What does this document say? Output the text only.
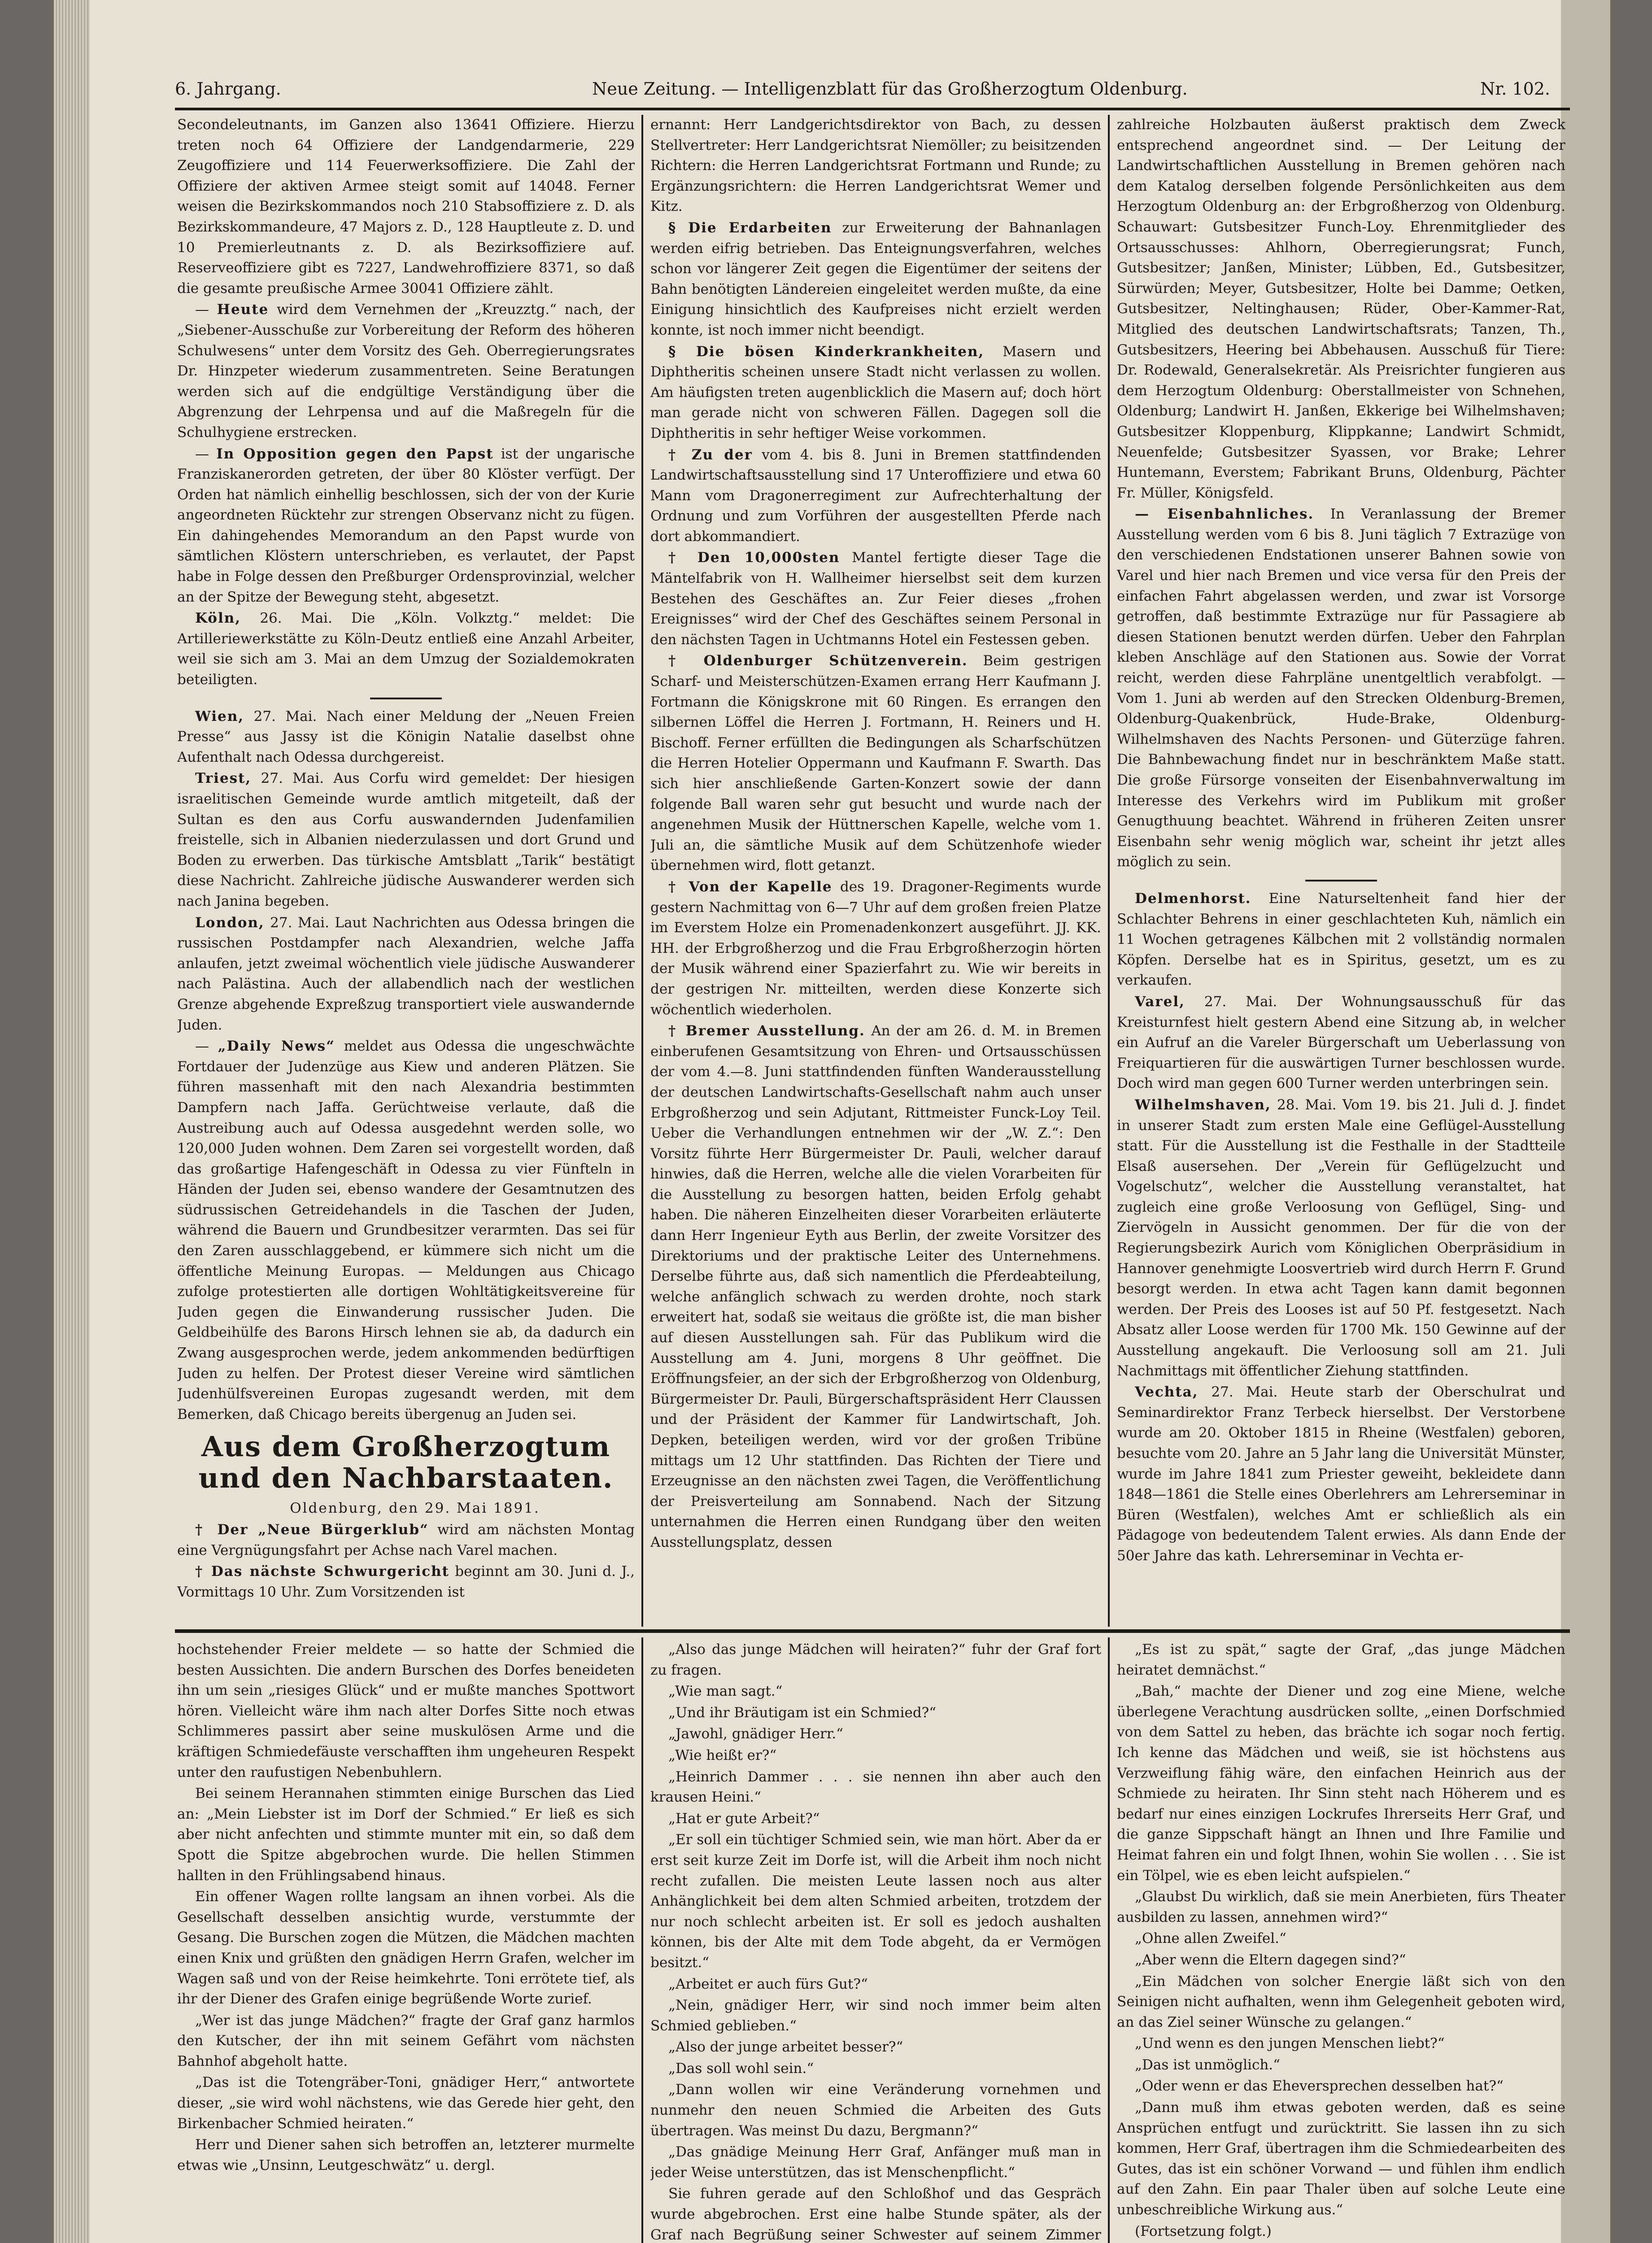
6. Jahrgang.	Neue Zeitung. — Intelligenzblatt für das Großherzogtum Oldenburg.	Nr. 102.

Secondeleutnants, im Ganzen also 13641 Offiziere. Hierzu treten noch 64 Offiziere der Landgendarmerie, 229 Zeugoffiziere und 114 Feuerwerksoffiziere. Die Zahl der Offiziere der aktiven Armee steigt somit auf 14048. Ferner weisen die Bezirkskommandos noch 210 Stabsoffiziere z. D. als Bezirkskommandeure, 47 Majors z. D., 128 Hauptleute z. D. und 10 Premierleutnants z. D. als Bezirksoffiziere auf. Reserveoffiziere gibt es 7227, Landwehroffiziere 8371, so daß die gesamte preußische Armee 30041 Offiziere zählt.

— Heute wird dem Vernehmen der „Kreuzztg.“ nach, der „Siebener-Ausschuße zur Vorbereitung der Reform des höheren Schulwesens“ unter dem Vorsitz des Geh. Oberregierungsrates Dr. Hinzpeter wiederum zusammentreten. Seine Beratungen werden sich auf die endgültige Verständigung über die Abgrenzung der Lehrpensa und auf die Maßregeln für die Schulhygiene erstrecken.

— In Opposition gegen den Papst ist der ungarische Franziskanerorden getreten, der über 80 Klöster verfügt. Der Orden hat nämlich einhellig beschlossen, sich der von der Kurie angeordneten Rücktehr zur strengen Observanz nicht zu fügen. Ein dahingehendes Memorandum an den Papst wurde von sämtlichen Klöstern unterschrieben, es verlautet, der Papst habe in Folge dessen den Preßburger Ordensprovinzial, welcher an der Spitze der Bewegung steht, abgesetzt.

Köln, 26. Mai. Die „Köln. Volkztg.“ meldet: Die Artilleriewerkstätte zu Köln-Deutz entließ eine Anzahl Arbeiter, weil sie sich am 3. Mai an dem Umzug der Sozialdemokraten beteiligten.

Wien, 27. Mai. Nach einer Meldung der „Neuen Freien Presse“ aus Jassy ist die Königin Natalie daselbst ohne Aufenthalt nach Odessa durchgereist.

Triest, 27. Mai. Aus Corfu wird gemeldet: Der hiesigen israelitischen Gemeinde wurde amtlich mitgeteilt, daß der Sultan es den aus Corfu auswandernden Judenfamilien freistelle, sich in Albanien niederzulassen und dort Grund und Boden zu erwerben. Das türkische Amtsblatt „Tarik“ bestätigt diese Nachricht. Zahlreiche jüdische Auswanderer werden sich nach Janina begeben.

London, 27. Mai. Laut Nachrichten aus Odessa bringen die russischen Postdampfer nach Alexandrien, welche Jaffa anlaufen, jetzt zweimal wöchentlich viele jüdische Auswanderer nach Palästina. Auch der allabendlich nach der westlichen Grenze abgehende Expreßzug transportiert viele auswandernde Juden.

— „Daily News“ meldet aus Odessa die ungeschwächte Fortdauer der Judenzüge aus Kiew und anderen Plätzen. Sie führen massenhaft mit den nach Alexandria bestimmten Dampfern nach Jaffa. Gerüchtweise verlaute, daß die Austreibung auch auf Odessa ausgedehnt werden solle, wo 120,000 Juden wohnen. Dem Zaren sei vorgestellt worden, daß das großartige Hafengeschäft in Odessa zu vier Fünfteln in Händen der Juden sei, ebenso wandere der Gesamtnutzen des südrussischen Getreidehandels in die Taschen der Juden, während die Bauern und Grundbesitzer verarmten. Das sei für den Zaren ausschlaggebend, er kümmere sich nicht um die öffentliche Meinung Europas. — Meldungen aus Chicago zufolge protestierten alle dortigen Wohltätigkeitsvereine für Juden gegen die Einwanderung russischer Juden. Die Geldbeihülfe des Barons Hirsch lehnen sie ab, da dadurch ein Zwang ausgesprochen werde, jedem ankommenden bedürftigen Juden zu helfen. Der Protest dieser Vereine wird sämtlichen Judenhülfsvereinen Europas zugesandt werden, mit dem Bemerken, daß Chicago bereits übergenug an Juden sei.

Aus dem Großherzogtum und den Nachbarstaaten.

Oldenburg, den 29. Mai 1891.

† Der „Neue Bürgerklub“ wird am nächsten Montag eine Vergnügungsfahrt per Achse nach Varel machen.

† Das nächste Schwurgericht beginnt am 30. Juni d. J., Vormittags 10 Uhr. Zum Vorsitzenden ist

ernannt: Herr Landgerichtsdirektor von Bach, zu dessen Stellvertreter: Herr Landgerichtsrat Niemöller; zu beisitzenden Richtern: die Herren Landgerichtsrat Fortmann und Runde; zu Ergänzungsrichtern: die Herren Landgerichtsrat Wemer und Kitz.

§ Die Erdarbeiten zur Erweiterung der Bahnanlagen werden eifrig betrieben. Das Enteignungsverfahren, welches schon vor längerer Zeit gegen die Eigentümer der seitens der Bahn benötigten Ländereien eingeleitet werden mußte, da eine Einigung hinsichtlich des Kaufpreises nicht erzielt werden konnte, ist noch immer nicht beendigt.

§ Die bösen Kinderkrankheiten, Masern und Diphtheritis scheinen unsere Stadt nicht verlassen zu wollen. Am häufigsten treten augenblicklich die Masern auf; doch hört man gerade nicht von schweren Fällen. Dagegen soll die Diphtheritis in sehr heftiger Weise vorkommen.

† Zu der vom 4. bis 8. Juni in Bremen stattfindenden Landwirtschaftsausstellung sind 17 Unteroffiziere und etwa 60 Mann vom Dragonerregiment zur Aufrechterhaltung der Ordnung und zum Vorführen der ausgestellten Pferde nach dort abkommandiert.

† Den 10,000sten Mantel fertigte dieser Tage die Mäntelfabrik von H. Wallheimer hierselbst seit dem kurzen Bestehen des Geschäftes an. Zur Feier dieses „frohen Ereignisses“ wird der Chef des Geschäftes seinem Personal in den nächsten Tagen in Uchtmanns Hotel ein Festessen geben.

† Oldenburger Schützenverein. Beim gestrigen Scharf- und Meisterschützen-Examen errang Herr Kaufmann J. Fortmann die Königskrone mit 60 Ringen. Es errangen den silbernen Löffel die Herren J. Fortmann, H. Reiners und H. Bischoff. Ferner erfüllten die Bedingungen als Scharfschützen die Herren Hotelier Oppermann und Kaufmann F. Swarth. Das sich hier anschließende Garten-Konzert sowie der dann folgende Ball waren sehr gut besucht und wurde nach der angenehmen Musik der Hüttnerschen Kapelle, welche vom 1. Juli an, die sämtliche Musik auf dem Schützenhofe wieder übernehmen wird, flott getanzt.

† Von der Kapelle des 19. Dragoner-Regiments wurde gestern Nachmittag von 6—7 Uhr auf dem großen freien Platze im Everstem Holze ein Promenadenkonzert ausgeführt. JJ. KK. HH. der Erbgroßherzog und die Frau Erbgroßherzogin hörten der Musik während einer Spazierfahrt zu. Wie wir bereits in der gestrigen Nr. mitteilten, werden diese Konzerte sich wöchentlich wiederholen.

† Bremer Ausstellung. An der am 26. d. M. in Bremen einberufenen Gesamtsitzung von Ehren- und Ortsausschüssen der vom 4.—8. Juni stattfindenden fünften Wanderausstellung der deutschen Landwirtschafts-Gesellschaft nahm auch unser Erbgroßherzog und sein Adjutant, Rittmeister Funck-Loy Teil. Ueber die Verhandlungen entnehmen wir der „W. Z.“: Den Vorsitz führte Herr Bürgermeister Dr. Pauli, welcher darauf hinwies, daß die Herren, welche alle die vielen Vorarbeiten für die Ausstellung zu besorgen hatten, beiden Erfolg gehabt haben. Die näheren Einzelheiten dieser Vorarbeiten erläuterte dann Herr Ingenieur Eyth aus Berlin, der zweite Vorsitzer des Direktoriums und der praktische Leiter des Unternehmens. Derselbe führte aus, daß sich namentlich die Pferdeabteilung, welche anfänglich schwach zu werden drohte, noch stark erweitert hat, sodaß sie weitaus die größte ist, die man bisher auf diesen Ausstellungen sah. Für das Publikum wird die Ausstellung am 4. Juni, morgens 8 Uhr geöffnet. Die Eröffnungsfeier, an der sich der Erbgroßherzog von Oldenburg, Bürgermeister Dr. Pauli, Bürgerschaftspräsident Herr Claussen und der Präsident der Kammer für Landwirtschaft, Joh. Depken, beteiligen werden, wird vor der großen Tribüne mittags um 12 Uhr stattfinden. Das Richten der Tiere und Erzeugnisse an den nächsten zwei Tagen, die Veröffentlichung der Preisverteilung am Sonnabend. Nach der Sitzung unternahmen die Herren einen Rundgang über den weiten Ausstellungsplatz, dessen

zahlreiche Holzbauten äußerst praktisch dem Zweck entsprechend angeordnet sind. — Der Leitung der Landwirtschaftlichen Ausstellung in Bremen gehören nach dem Katalog derselben folgende Persönlichkeiten aus dem Herzogtum Oldenburg an: der Erbgroßherzog von Oldenburg. Schauwart: Gutsbesitzer Funch-Loy. Ehrenmitglieder des Ortsausschusses: Ahlhorn, Oberregierungsrat; Funch, Gutsbesitzer; Janßen, Minister; Lübben, Ed., Gutsbesitzer, Sürwürden; Meyer, Gutsbesitzer, Holte bei Damme; Oetken, Gutsbesitzer, Neltinghausen; Rüder, Ober-Kammer-Rat, Mitglied des deutschen Landwirtschaftsrats; Tanzen, Th., Gutsbesitzers, Heering bei Abbehausen. Ausschuß für Tiere: Dr. Rodewald, Generalsekretär. Als Preisrichter fungieren aus dem Herzogtum Oldenburg: Oberstallmeister von Schnehen, Oldenburg; Landwirt H. Janßen, Ekkerige bei Wilhelmshaven; Gutsbesitzer Kloppenburg, Klippkanne; Landwirt Schmidt, Neuenfelde; Gutsbesitzer Syassen, vor Brake; Lehrer Huntemann, Everstem; Fabrikant Bruns, Oldenburg, Pächter Fr. Müller, Königsfeld.

— Eisenbahnliches. In Veranlassung der Bremer Ausstellung werden vom 6 bis 8. Juni täglich 7 Extrazüge von den verschiedenen Endstationen unserer Bahnen sowie von Varel und hier nach Bremen und vice versa für den Preis der einfachen Fahrt abgelassen werden, und zwar ist Vorsorge getroffen, daß bestimmte Extrazüge nur für Passagiere ab diesen Stationen benutzt werden dürfen. Ueber den Fahrplan kleben Anschläge auf den Stationen aus. Sowie der Vorrat reicht, werden diese Fahrpläne unentgeltlich verabfolgt. — Vom 1. Juni ab werden auf den Strecken Oldenburg-Bremen, Oldenburg-Quakenbrück, Hude-Brake, Oldenburg-Wilhelmshaven des Nachts Personen- und Güterzüge fahren. Die Bahnbewachung findet nur in beschränktem Maße statt. Die große Fürsorge vonseiten der Eisenbahnverwaltung im Interesse des Verkehrs wird im Publikum mit großer Genugthuung beachtet. Während in früheren Zeiten unsrer Eisenbahn sehr wenig möglich war, scheint ihr jetzt alles möglich zu sein.

Delmenhorst. Eine Naturseltenheit fand hier der Schlachter Behrens in einer geschlachteten Kuh, nämlich ein 11 Wochen getragenes Kälbchen mit 2 vollständig normalen Köpfen. Derselbe hat es in Spiritus, gesetzt, um es zu verkaufen.

Varel, 27. Mai. Der Wohnungsausschuß für das Kreisturnfest hielt gestern Abend eine Sitzung ab, in welcher ein Aufruf an die Vareler Bürgerschaft um Ueberlassung von Freiquartieren für die auswärtigen Turner beschlossen wurde. Doch wird man gegen 600 Turner werden unterbringen sein.

Wilhelmshaven, 28. Mai. Vom 19. bis 21. Juli d. J. findet in unserer Stadt zum ersten Male eine Geflügel-Ausstellung statt. Für die Ausstellung ist die Festhalle in der Stadtteile Elsaß ausersehen. Der „Verein für Geflügelzucht und Vogelschutz“, welcher die Ausstellung veranstaltet, hat zugleich eine große Verloosung von Geflügel, Sing- und Ziervögeln in Aussicht genommen. Der für die von der Regierungsbezirk Aurich vom Königlichen Oberpräsidium in Hannover genehmigte Loosvertrieb wird durch Herrn F. Grund besorgt werden. In etwa acht Tagen kann damit begonnen werden. Der Preis des Looses ist auf 50 Pf. festgesetzt. Nach Absatz aller Loose werden für 1700 Mk. 150 Gewinne auf der Ausstellung angekauft. Die Verloosung soll am 21. Juli Nachmittags mit öffentlicher Ziehung stattfinden.

Vechta, 27. Mai. Heute starb der Oberschulrat und Seminardirektor Franz Terbeck hierselbst. Der Verstorbene wurde am 20. Oktober 1815 in Rheine (Westfalen) geboren, besuchte vom 20. Jahre an 5 Jahr lang die Universität Münster, wurde im Jahre 1841 zum Priester geweiht, bekleidete dann 1848—1861 die Stelle eines Oberlehrers am Lehrerseminar in Büren (Westfalen), welches Amt er schließlich als ein Pädagoge von bedeutendem Talent erwies. Als dann Ende der 50er Jahre das kath. Lehrerseminar in Vechta er-

hochstehender Freier meldete — so hatte der Schmied die besten Aussichten. Die andern Burschen des Dorfes beneideten ihn um sein „riesiges Glück“ und er mußte manches Spottwort hören. Vielleicht wäre ihm nach alter Dorfes Sitte noch etwas Schlimmeres passirt aber seine muskulösen Arme und die kräftigen Schmiedefäuste verschafften ihm ungeheuren Respekt unter den raufustigen Nebenbuhlern.

Bei seinem Herannahen stimmten einige Burschen das Lied an: „Mein Liebster ist im Dorf der Schmied.“ Er ließ es sich aber nicht anfechten und stimmte munter mit ein, so daß dem Spott die Spitze abgebrochen wurde. Die hellen Stimmen hallten in den Frühlingsabend hinaus.

Ein offener Wagen rollte langsam an ihnen vorbei. Als die Gesellschaft desselben ansichtig wurde, verstummte der Gesang. Die Burschen zogen die Mützen, die Mädchen machten einen Knix und grüßten den gnädigen Herrn Grafen, welcher im Wagen saß und von der Reise heimkehrte. Toni errötete tief, als ihr der Diener des Grafen einige begrüßende Worte zurief.

„Wer ist das junge Mädchen?“ fragte der Graf ganz harmlos den Kutscher, der ihn mit seinem Gefährt vom nächsten Bahnhof abgeholt hatte.

„Das ist die Totengräber-Toni, gnädiger Herr,“ antwortete dieser, „sie wird wohl nächstens, wie das Gerede hier geht, den Birkenbacher Schmied heiraten.“

Herr und Diener sahen sich betroffen an, letzterer murmelte etwas wie „Unsinn, Leutgeschwätz“ u. dergl.

„Also das junge Mädchen will heiraten?“ fuhr der Graf fort zu fragen.

„Wie man sagt.“

„Und ihr Bräutigam ist ein Schmied?“

„Jawohl, gnädiger Herr.“

„Wie heißt er?“

„Heinrich Dammer . . . sie nennen ihn aber auch den krausen Heini.“

„Hat er gute Arbeit?“

„Er soll ein tüchtiger Schmied sein, wie man hört. Aber da er erst seit kurze Zeit im Dorfe ist, will die Arbeit ihm noch nicht recht zufallen. Die meisten Leute lassen noch aus alter Anhänglichkeit bei dem alten Schmied arbeiten, trotzdem der nur noch schlecht arbeiten ist. Er soll es jedoch aushalten können, bis der Alte mit dem Tode abgeht, da er Vermögen besitzt.“

„Arbeitet er auch fürs Gut?“

„Nein, gnädiger Herr, wir sind noch immer beim alten Schmied geblieben.“

„Also der junge arbeitet besser?“

„Das soll wohl sein.“

„Dann wollen wir eine Veränderung vornehmen und nunmehr den neuen Schmied die Arbeiten des Guts übertragen. Was meinst Du dazu, Bergmann?“

„Das gnädige Meinung Herr Graf, Anfänger muß man in jeder Weise unterstützen, das ist Menschenpflicht.“

Sie fuhren gerade auf den Schloßhof und das Gespräch wurde abgebrochen. Erst eine halbe Stunde später, als der Graf nach Begrüßung seiner Schwester auf seinem Zimmer

„Es ist zu spät,“ sagte der Graf, „das junge Mädchen heiratet demnächst.“

„Bah,“ machte der Diener und zog eine Miene, welche überlegene Verachtung ausdrücken sollte, „einen Dorfschmied von dem Sattel zu heben, das brächte ich sogar noch fertig. Ich kenne das Mädchen und weiß, sie ist höchstens aus Verzweiflung fähig wäre, den einfachen Heinrich aus der Schmiede zu heiraten. Ihr Sinn steht nach Höherem und es bedarf nur eines einzigen Lockrufes Ihrerseits Herr Graf, und die ganze Sippschaft hängt an Ihnen und Ihre Familie und Heimat fahren ein und folgt Ihnen, wohin Sie wollen . . . Sie ist ein Tölpel, wie es eben leicht aufspielen.“

„Glaubst Du wirklich, daß sie mein Anerbieten, fürs Theater ausbilden zu lassen, annehmen wird?“

„Ohne allen Zweifel.“

„Aber wenn die Eltern dagegen sind?“

„Ein Mädchen von solcher Energie läßt sich von den Seinigen nicht aufhalten, wenn ihm Gelegenheit geboten wird, an das Ziel seiner Wünsche zu gelangen.“

„Und wenn es den jungen Menschen liebt?“

„Das ist unmöglich.“

„Oder wenn er das Eheversprechen desselben hat?“

„Dann muß ihm etwas geboten werden, daß es seine Ansprüchen entfugt und zurücktritt. Sie lassen ihn zu sich kommen, Herr Graf, übertragen ihm die Schmiedearbeiten des Gutes, das ist ein schöner Vorwand — und fühlen ihm endlich auf den Zahn. Ein paar Thaler üben auf solche Leute eine unbeschreibliche Wirkung aus.“

(Fortsetzung folgt.)
